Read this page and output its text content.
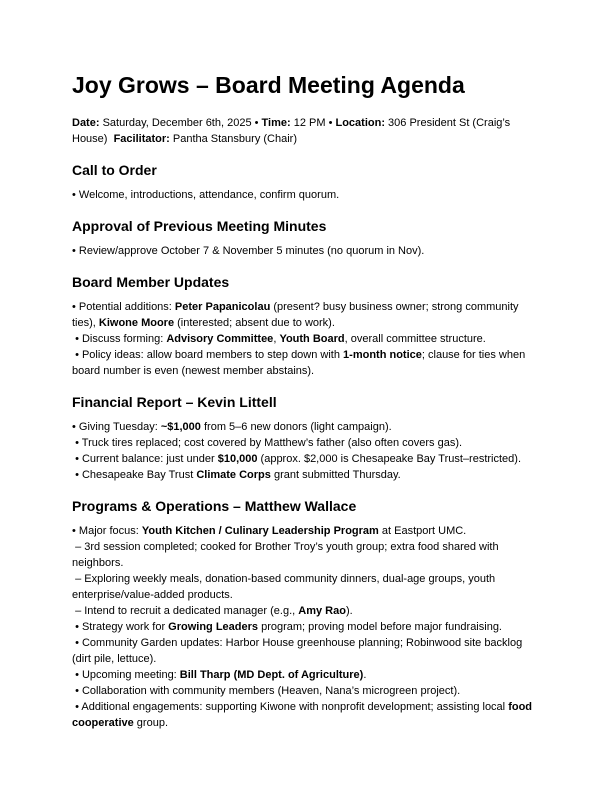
Joy Grows – Board Meeting Agenda

Date: Saturday, December 6th, 2025 • Time: 12 PM • Location: 306 President St (Craig’s House)  Facilitator: Pantha Stansbury (Chair)

Call to Order

• Welcome, introductions, attendance, confirm quorum.

Approval of Previous Meeting Minutes

• Review/approve October 7 & November 5 minutes (no quorum in Nov).

Board Member Updates

• Potential additions: Peter Papanicolau (present? busy business owner; strong community ties), Kiwone Moore (interested; absent due to work).

• Discuss forming: Advisory Committee, Youth Board, overall committee structure.

• Policy ideas: allow board members to step down with 1-month notice; clause for ties when board number is even (newest member abstains).

Financial Report – Kevin Littell

• Giving Tuesday: ~$1,000 from 5–6 new donors (light campaign).

• Truck tires replaced; cost covered by Matthew’s father (also often covers gas).

• Current balance: just under $10,000 (approx. $2,000 is Chesapeake Bay Trust–restricted).

• Chesapeake Bay Trust Climate Corps grant submitted Thursday.

Programs & Operations – Matthew Wallace

• Major focus: Youth Kitchen / Culinary Leadership Program at Eastport UMC.

– 3rd session completed; cooked for Brother Troy’s youth group; extra food shared with neighbors.

– Exploring weekly meals, donation-based community dinners, dual-age groups, youth enterprise/value-added products.

– Intend to recruit a dedicated manager (e.g., Amy Rao).

• Strategy work for Growing Leaders program; proving model before major fundraising.

• Community Garden updates: Harbor House greenhouse planning; Robinwood site backlog (dirt pile, lettuce).

• Upcoming meeting: Bill Tharp (MD Dept. of Agriculture).

• Collaboration with community members (Heaven, Nana’s microgreen project).

• Additional engagements: supporting Kiwone with nonprofit development; assisting local food cooperative group.
